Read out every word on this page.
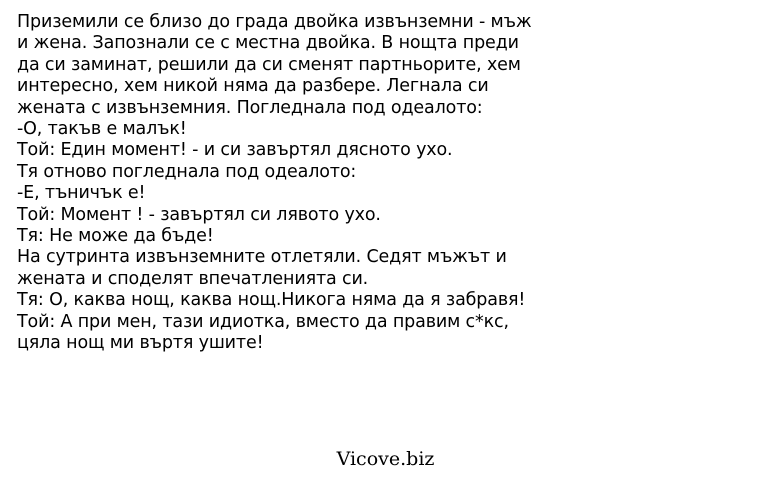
Приземили се близо до града двойка извънземни - мъж
и жена. Запознали се с местна двойка. В нощта преди
да си заминат, решили да си сменят партньорите, хем
интересно, хем никой няма да разбере. Легнала си
жената с извънземния. Погледнала под одеалото:
-О, такъв е малък!
Той: Един момент! - и си завъртял дясното ухо.
Тя отново погледнала под одеалото:
-Е, тъничък е!
Той: Момент ! - завъртял си лявото ухо.
Тя: Не може да бъде!
На сутринта извънземните отлетяли. Седят мъжът и
жената и споделят впечатленията си.
Тя: О, каква нощ, каква нощ.Никога няма да я забравя!
Той: А при мен, тази идиотка, вместо да правим с*кс,
цяла нощ ми въртя ушите!
Vicove.biz
